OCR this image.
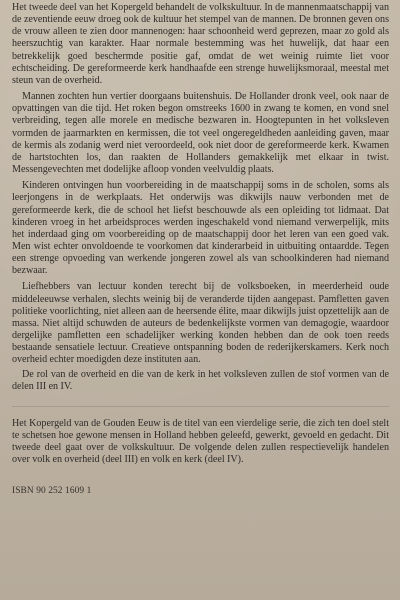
Het tweede deel van het Kopergeld behandelt de volkskultuur. In de mannenmaatschappij van de zeventiende eeuw droeg ook de kultuur het stempel van de mannen. De bronnen geven ons de vrouw alleen te zien door mannenogen: haar schoonheid werd geprezen, maar zo gold als heerszuchtig van karakter. Haar normale bestemming was het huwelijk, dat haar een betrekkelijk goed beschermde positie gaf, omdat de wet weinig ruimte liet voor echtscheiding. De gereformeerde kerk handhaafde een strenge huwelijksmoraal, meestal met steun van de overheid.

Mannen zochten hun vertier doorgaans buitenshuis. De Hollander dronk veel, ook naar de opvattingen van die tijd. Het roken begon omstreeks 1600 in zwang te komen, en vond snel verbreiding, tegen alle morele en medische bezwaren in. Hoogtepunten in het volksleven vormden de jaarmarkten en kermissen, die tot veel ongeregeldheden aanleiding gaven, maar de kermis als zodanig werd niet veroordeeld, ook niet door de gereformeerde kerk. Kwamen de hartstochten los, dan raakten de Hollanders gemakkelijk met elkaar in twist. Messengevechten met dodelijke afloop vonden veelvuldig plaats.

Kinderen ontvingen hun voorbereiding in de maatschappij soms in de scholen, soms als leerjongens in de werkplaats. Het onderwijs was dikwijls nauw verbonden met de gereformeerde kerk, die de school het liefst beschouwde als een opleiding tot lidmaat. Dat kinderen vroeg in het arbeidsproces werden ingeschakeld vond niemand verwerpelijk, mits het inderdaad ging om voorbereiding op de maatschappij door het leren van een goed vak. Men wist echter onvoldoende te voorkomen dat kinderarbeid in uitbuiting ontaardde. Tegen een strenge opvoeding van werkende jongeren zowel als van schoolkinderen had niemand bezwaar.

Liefhebbers van lectuur konden terecht bij de volksboeken, in meerderheid oude middeleeuwse verhalen, slechts weinig bij de veranderde tijden aangepast. Pamfletten gaven politieke voorlichting, niet alleen aan de heersende élite, maar dikwijls juist opzettelijk aan de massa. Niet altijd schuwden de auteurs de bedenkelijkste vormen van demagogie, waardoor dergelijke pamfletten een schadelijker werking konden hebben dan de ook toen reeds bestaande sensatiele lectuur. Creatieve ontspanning boden de rederijkerskamers. Kerk noch overheid echter moedigden deze instituten aan.

De rol van de overheid en die van de kerk in het volksleven zullen de stof vormen van de delen III en IV.

Het Kopergeld van de Gouden Eeuw is de titel van een vierdelige serie, die zich ten doel stelt te schetsen hoe gewone mensen in Holland hebben geleefd, gewerkt, gevoeld en gedacht. Dit tweede deel gaat over de volkskultuur. De volgende delen zullen respectievelijk handelen over volk en overheid (deel III) en volk en kerk (deel IV).

ISBN 90 252 1609 1
